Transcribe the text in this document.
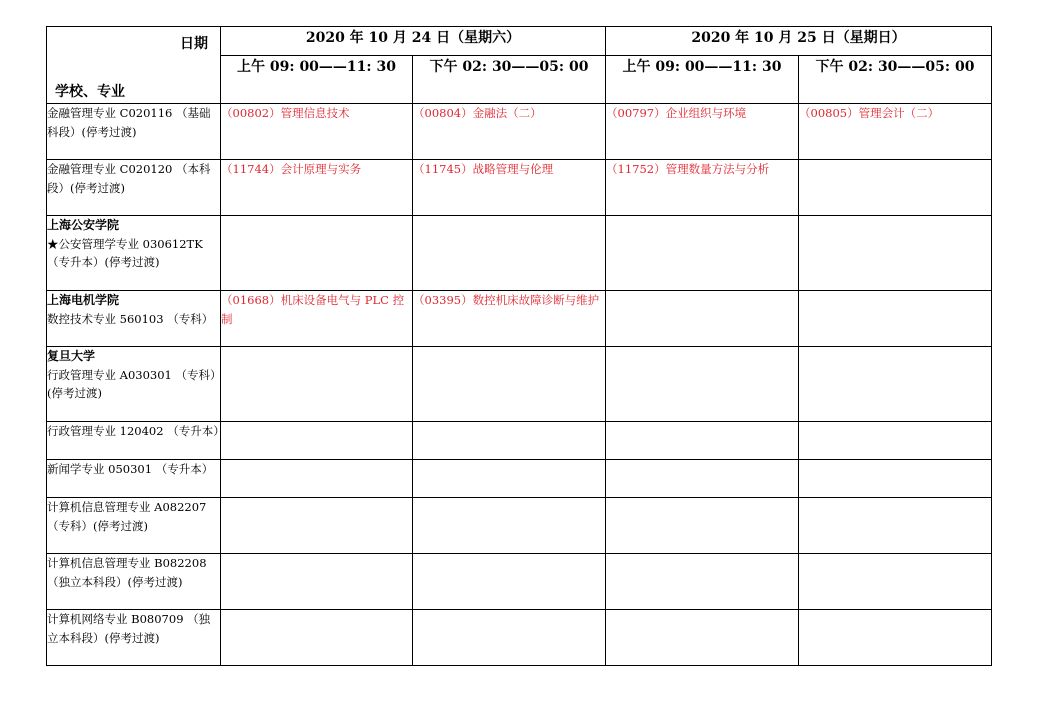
日期
学校、专业	2020 年 10 月 24 日（星期六）		2020 年 10 月 25 日（星期日）	
	上午 09: 00——11: 30	下午 02: 30——05: 00	上午 09: 00——11: 30	下午 02: 30——05: 00

金融管理专业 C020116 （基础科段）(停考过渡)	（00802）管理信息技术	（00804）金融法（二）	（00797）企业组织与环境	（00805）管理会计（二）

金融管理专业 C020120 （本科段）(停考过渡)	（11744）会计原理与实务	（11745）战略管理与伦理	（11752）管理数量方法与分析	
上海公安学院
★公安管理学专业 030612TK （专升本）(停考过渡)				

上海电机学院
数控技术专业 560103 （专科）	（01668）机床设备电气与 PLC 控制	（03395）数控机床故障诊断与维护		
复旦大学
行政管理专业 A030301 （专科）(停考过渡)				

行政管理专业 120402 （专升本）				

新闻学专业 050301 （专升本）				

计算机信息管理专业 A082207 （专科）(停考过渡)				

计算机信息管理专业 B082208 （独立本科段）(停考过渡)				

计算机网络专业 B080709 （独立本科段）(停考过渡)				
